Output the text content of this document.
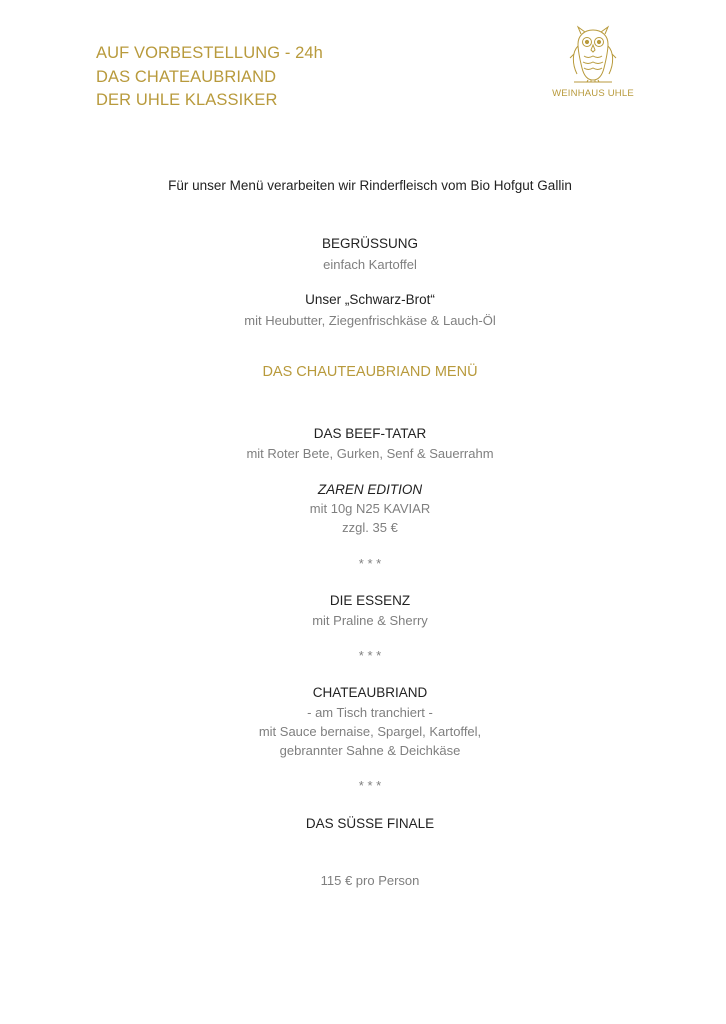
AUF VORBESTELLUNG - 24h
DAS CHATEAUBRIAND
DER UHLE KLASSIKER	WEINHAUS UHLE
Für unser Menü verarbeiten wir Rinderfleisch vom Bio Hofgut Gallin
BEGRÜSSUNG
einfach Kartoffel
Unser „Schwarz-Brot“
mit Heubutter, Ziegenfrischkäse & Lauch-Öl
DAS CHAUTEAUBRIAND MENÜ
DAS BEEF-TATAR
mit Roter Bete, Gurken, Senf & Sauerrahm
ZAREN EDITION
mit 10g N25 KAVIAR
zzgl. 35 €
* * *
DIE ESSENZ
mit Praline & Sherry
* * *
CHATEAUBRIAND
- am Tisch tranchiert -
mit Sauce bernaise, Spargel, Kartoffel,
gebrannter Sahne & Deichkäse
* * *
DAS SÜSSE FINALE
115 € pro Person
